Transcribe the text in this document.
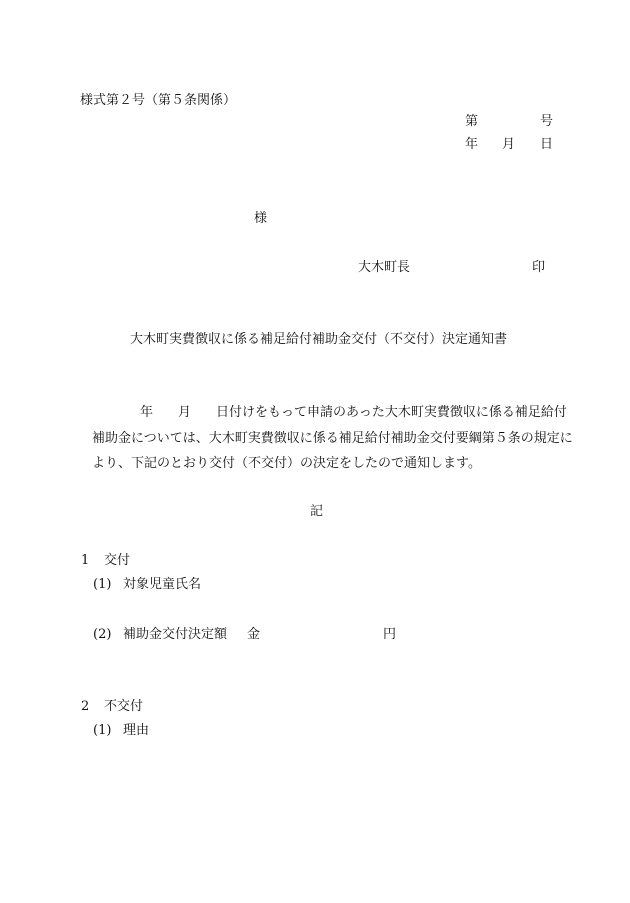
様式第２号（第５条関係）
第	号
年 月 日
様
大木町長	印
大木町実費徴収に係る補足給付補助金交付（不交付）決定通知書
年 月 日付けをもって申請のあった大木町実費徴収に係る補足給付
補助金については、大木町実費徴収に係る補足給付補助金交付要綱第５条の規定に
より、下記のとおり交付（不交付）の決定をしたので通知します。
記
1 交付
(1) 対象児童氏名
(2) 補助金交付決定額 金	円
2 不交付
(1) 理由
